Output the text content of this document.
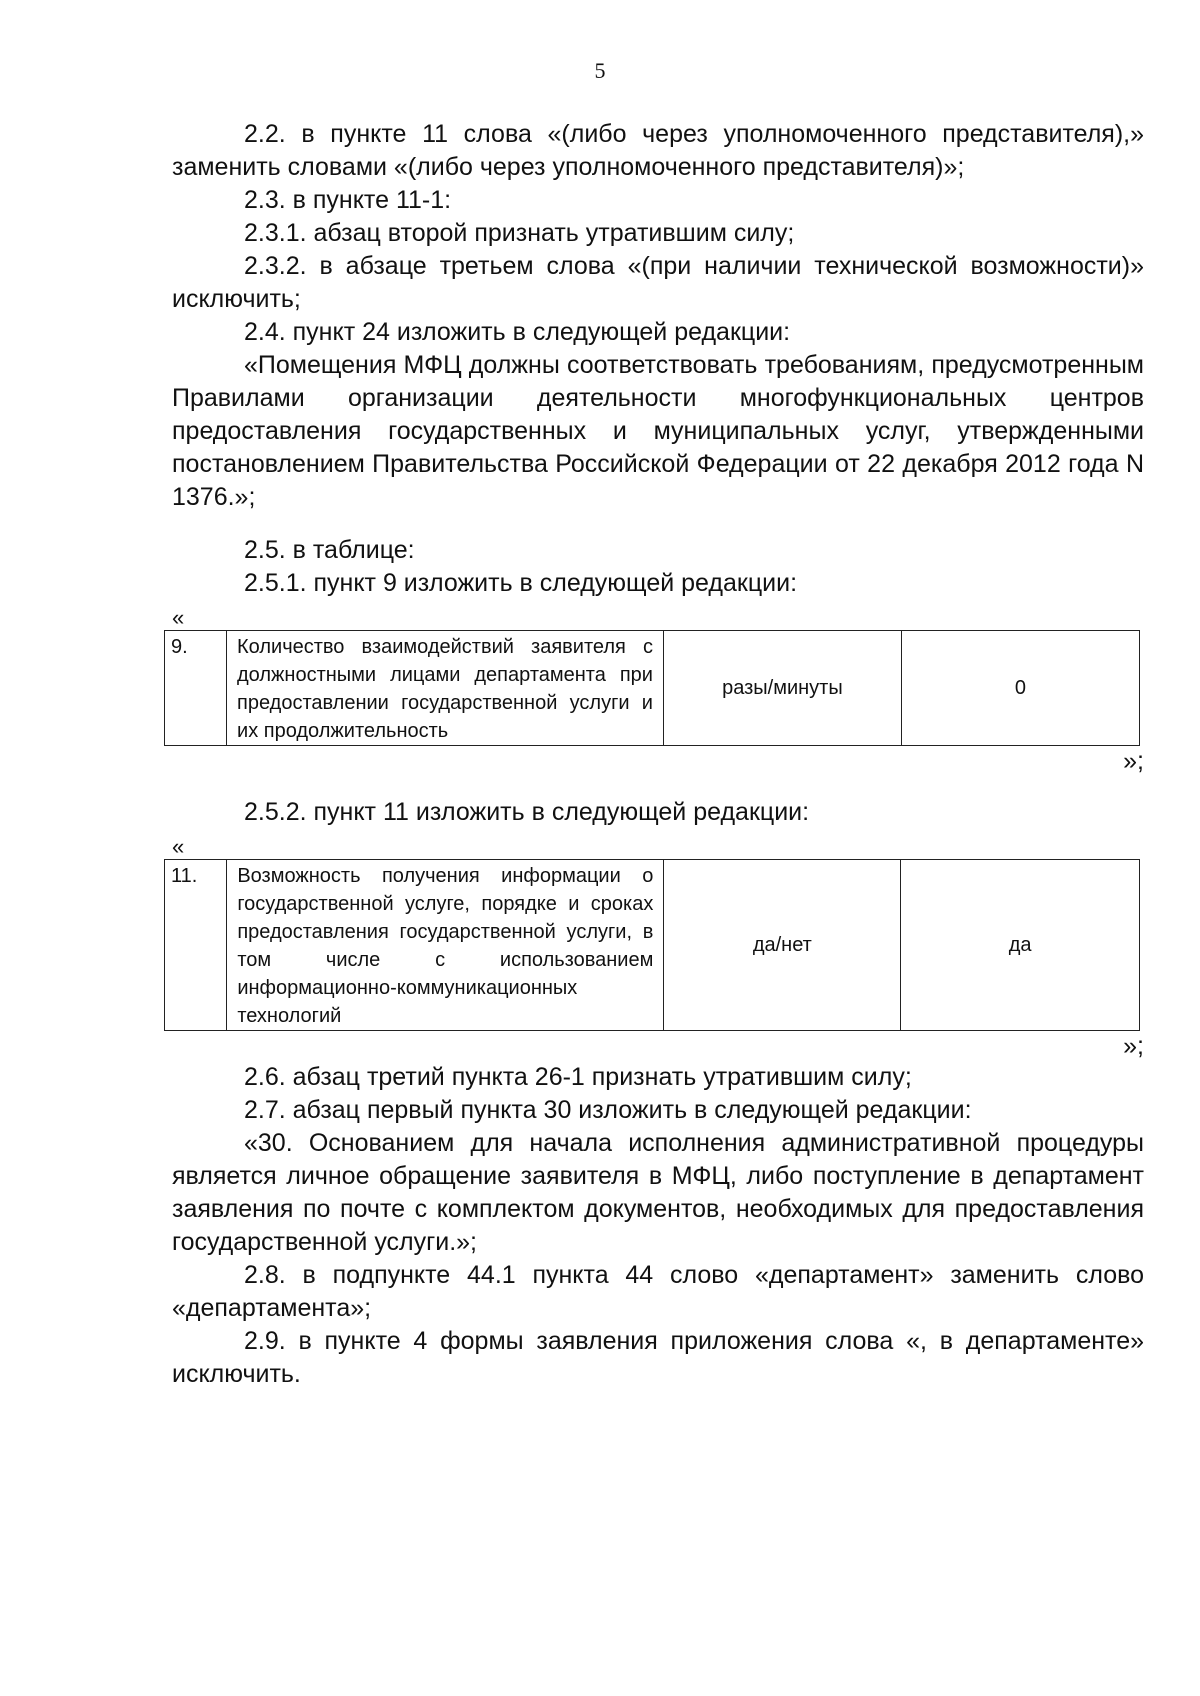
5

2.2. в пункте 11 слова «(либо через уполномоченного представителя),» заменить словами «(либо через уполномоченного представителя)»;

2.3. в пункте 11-1:

2.3.1. абзац второй признать утратившим силу;

2.3.2. в абзаце третьем слова «(при наличии технической возможности)» исключить;

2.4. пункт 24 изложить в следующей редакции:

«Помещения МФЦ должны соответствовать требованиям, предусмотренным Правилами организации деятельности многофункциональных центров предоставления государственных и муниципальных услуг, утвержденными постановлением Правительства Российской Федерации от 22 декабря 2012 года N 1376.»;

2.5. в таблице:

2.5.1. пункт 9 изложить в следующей редакции:

«
9.	Количество взаимодействий заявителя с должностными лицами департамента при предоставлении государственной услуги и их продолжительность	разы/минуты	0
»;

2.5.2. пункт 11 изложить в следующей редакции:

«
11.	Возможность получения информации о государственной услуге, порядке и сроках предоставления государственной услуги, в том числе с использованием информационно-коммуникационных технологий	да/нет	да
»;

2.6. абзац третий пункта 26-1 признать утратившим силу;

2.7. абзац первый пункта 30 изложить в следующей редакции:

«30. Основанием для начала исполнения административной процедуры является личное обращение заявителя в МФЦ, либо поступление в департамент заявления по почте с комплектом документов, необходимых для предоставления государственной услуги.»;

2.8. в подпункте 44.1 пункта 44 слово «департамент» заменить слово «департамента»;

2.9. в пункте 4 формы заявления приложения слова «, в департаменте» исключить.
